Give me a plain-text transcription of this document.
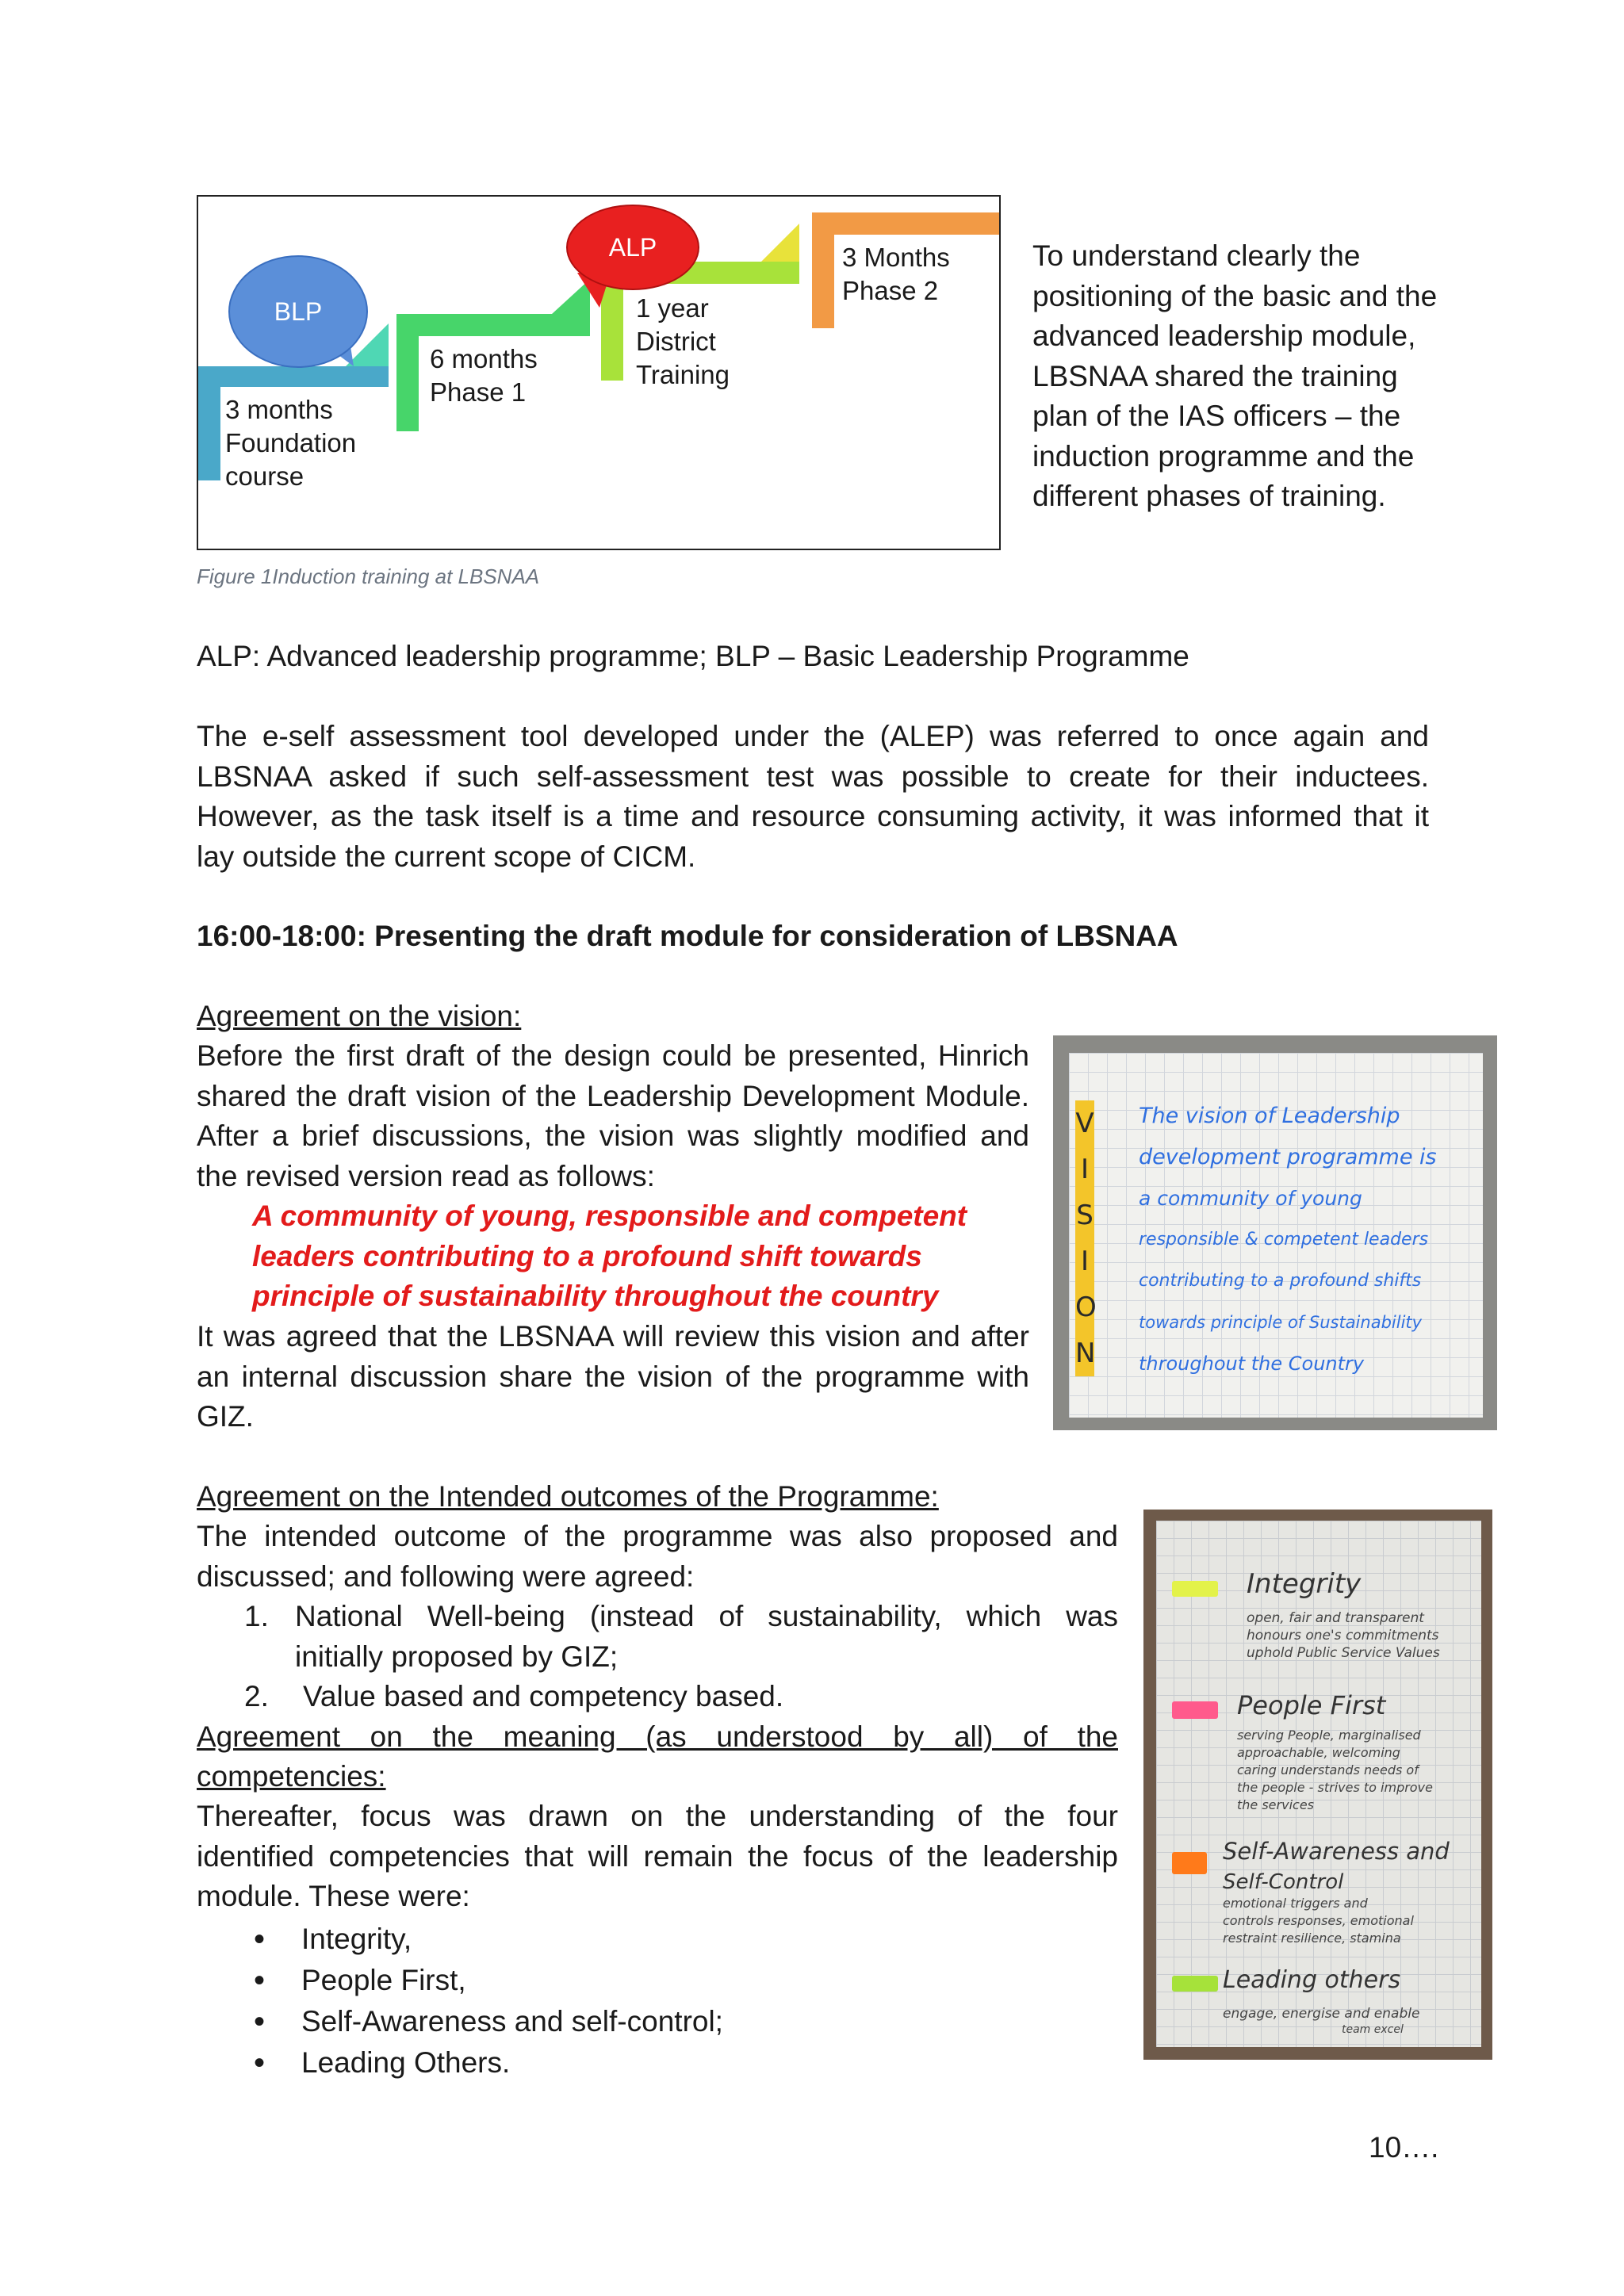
BLP
ALP
3 months
Foundation
course
6 months
Phase 1
1 year
District
Training
3 Months
Phase 2
Figure 1Induction training at LBSNAA
To understand clearly the positioning of the basic and the advanced leadership module, LBSNAA shared the training plan of the IAS officers – the induction programme and the different phases of training.
ALP: Advanced leadership programme; BLP – Basic Leadership Programme
The e-self assessment tool developed under the (ALEP) was referred to once again and
LBSNAA asked if such self-assessment test was possible to create for their inductees.
However, as the task itself is a time and resource consuming activity, it was informed that it
lay outside the current scope of CICM.
16:00-18:00: Presenting the draft module for consideration of LBSNAA
Agreement on the vision:
Before the first draft of the design could be presented, Hinrich
shared the draft vision of the Leadership Development Module.
After a brief discussions, the vision was slightly modified and
the revised version read as follows:
A community of young, responsible and competent
leaders contributing to a profound shift towards
principle of sustainability throughout the country
It was agreed that the LBSNAA will review this vision and after
an internal discussion share the vision of the programme with
GIZ.
V
I
S
I
O
N
The vision of Leadership
development programme is
a community of young
responsible & competent leaders
contributing to a profound shifts
towards principle of Sustainability
throughout the Country
Agreement on the Intended outcomes of the Programme:
The intended outcome of the programme was also proposed and
discussed; and following were agreed:
1. National Well-being (instead of sustainability, which was
initially proposed by GIZ;
2. Value based and competency based.
Agreement on the meaning (as understood by all) of the
competencies:
Thereafter, focus was drawn on the understanding of the four
identified competencies that will remain the focus of the leadership
module. These were:
• Integrity,
• People First,
• Self-Awareness and self-control;
• Leading Others.
Integrity
open, fair and transparent
honours one's commitments
uphold Public Service Values
People First
serving People, marginalised
approachable, welcoming
caring understands needs of
the people - strives to improve
the services
Self-Awareness and
Self-Control
emotional triggers and
controls responses, emotional
restraint resilience, stamina
Leading others
engage, energise and enable
team excel
10….
